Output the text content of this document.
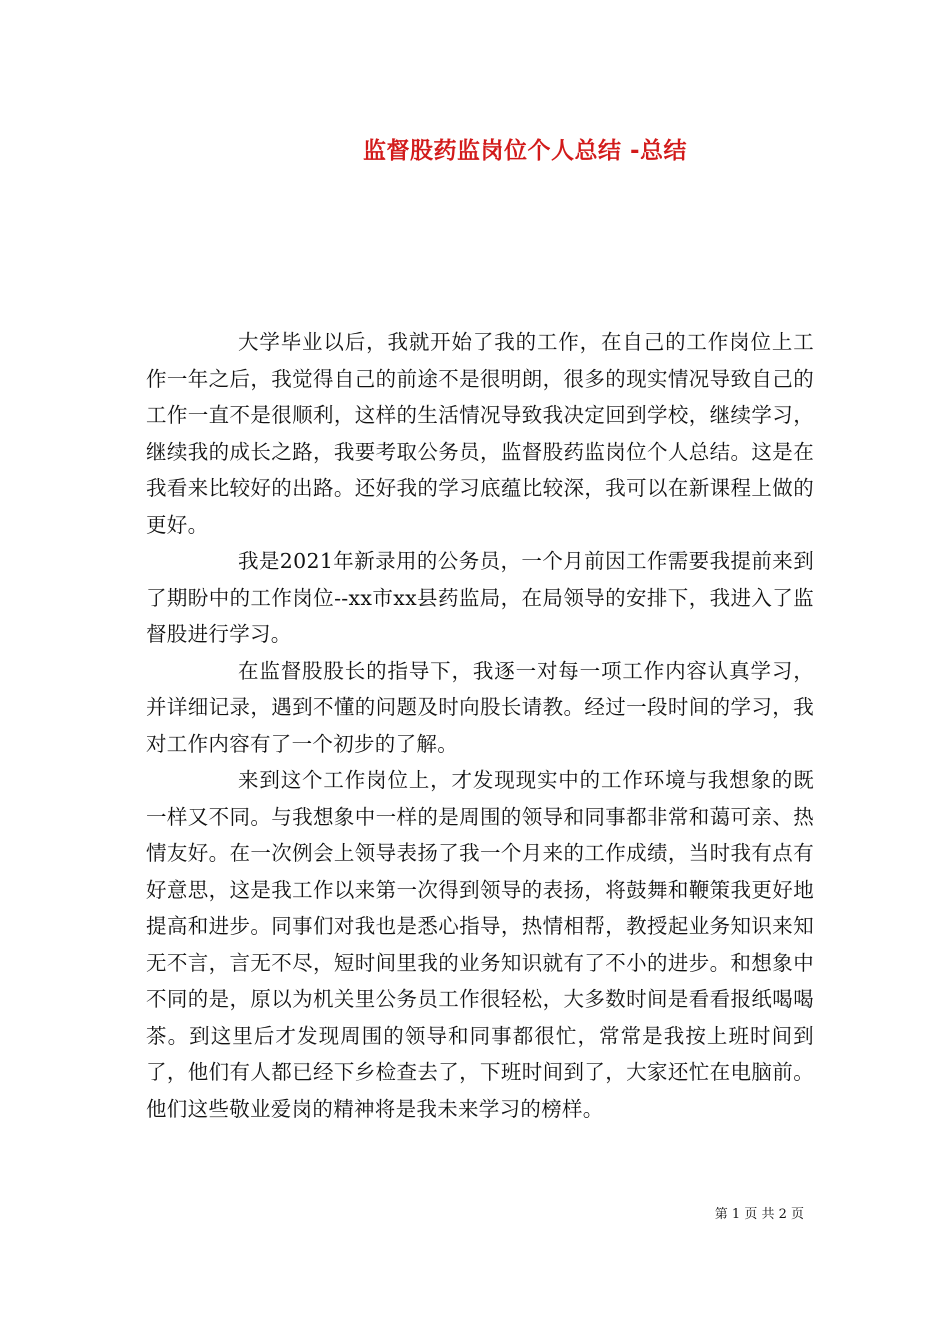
监督股药监岗位个人总结 -总结

大学毕业以后，我就开始了我的工作，在自己的工作岗位上工作一年之后，我觉得自己的前途不是很明朗，很多的现实情况导致自己的工作一直不是很顺利，这样的生活情况导致我决定回到学校，继续学习，继续我的成长之路，我要考取公务员，监督股药监岗位个人总结。这是在我看来比较好的出路。还好我的学习底蕴比较深，我可以在新课程上做的更好。

我是2021年新录用的公务员，一个月前因工作需要我提前来到了期盼中的工作岗位--xx市xx县药监局，在局领导的安排下，我进入了监督股进行学习。

在监督股股长的指导下，我逐一对每一项工作内容认真学习，并详细记录，遇到不懂的问题及时向股长请教。经过一段时间的学习，我对工作内容有了一个初步的了解。

来到这个工作岗位上，才发现现实中的工作环境与我想象的既一样又不同。与我想象中一样的是周围的领导和同事都非常和蔼可亲、热情友好。在一次例会上领导表扬了我一个月来的工作成绩，当时我有点有好意思，这是我工作以来第一次得到领导的表扬，将鼓舞和鞭策我更好地提高和进步。同事们对我也是悉心指导，热情相帮，教授起业务知识来知无不言，言无不尽，短时间里我的业务知识就有了不小的进步。和想象中不同的是，原以为机关里公务员工作很轻松，大多数时间是看看报纸喝喝茶。到这里后才发现周围的领导和同事都很忙，常常是我按上班时间到了，他们有人都已经下乡检查去了，下班时间到了，大家还忙在电脑前。他们这些敬业爱岗的精神将是我未来学习的榜样。

第 1 页 共 2 页
